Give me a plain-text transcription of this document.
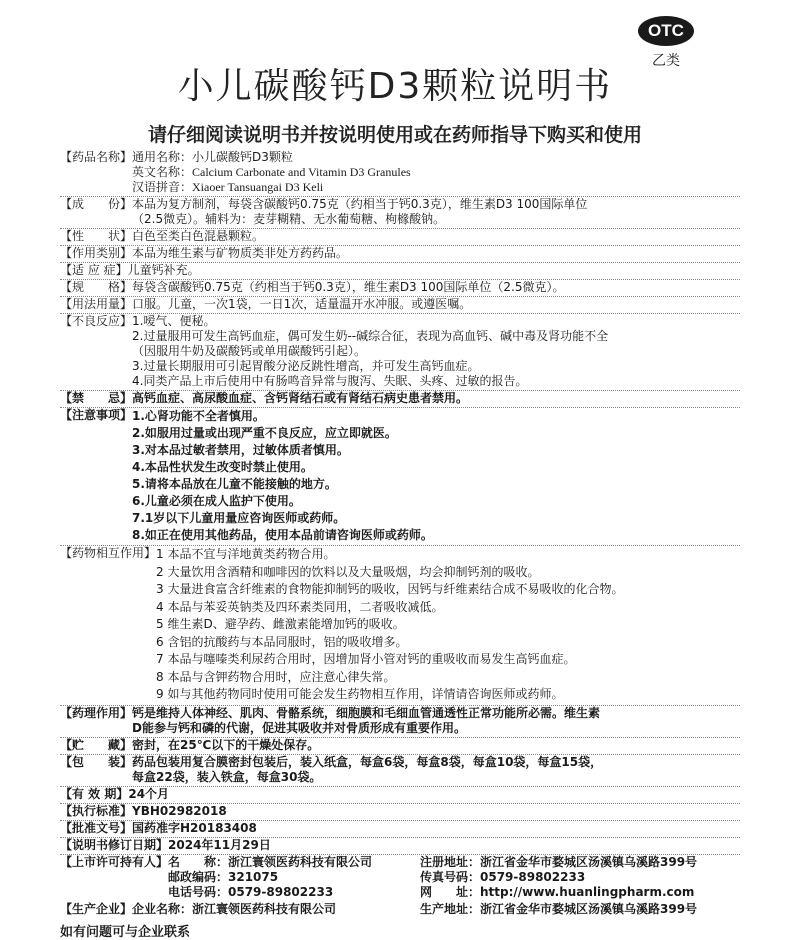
OTC
乙类
小儿碳酸钙D3颗粒说明书
请仔细阅读说明书并按说明使用或在药师指导下购买和使用
【药品名称】 通用名称：小儿碳酸钙D3颗粒
英文名称：Calcium Carbonate and Vitamin D3 Granules
汉语拼音：Xiaoer Tansuangai D3 Keli
【成　　份】 本品为复方制剂，每袋含碳酸钙0.75克（约相当于钙0.3克），维生素D3 100国际单位
（2.5微克）。辅料为：麦芽糊精、无水葡萄糖、枸橼酸钠。
【性　　状】 白色至类白色混悬颗粒。
【作用类别】 本品为维生素与矿物质类非处方药药品。
【适 应 症】 儿童钙补充。
【规　　格】 每袋含碳酸钙0.75克（约相当于钙0.3克），维生素D3 100国际单位（2.5微克）。
【用法用量】 口服。儿童，一次1袋，一日1次，适量温开水冲服。或遵医嘱。
【不良反应】 1.嗳气、便秘。
2.过量服用可发生高钙血症，偶可发生奶--碱综合征，表现为高血钙、碱中毒及肾功能不全
（因服用牛奶及碳酸钙或单用碳酸钙引起）。
3.过量长期服用可引起胃酸分泌反跳性增高，并可发生高钙血症。
4.同类产品上市后使用中有肠鸣音异常与腹泻、失眠、头疼、过敏的报告。
【禁　　忌】 高钙血症、高尿酸血症、含钙肾结石或有肾结石病史患者禁用。
【注意事项】 1.心肾功能不全者慎用。
2.如服用过量或出现严重不良反应，应立即就医。
3.对本品过敏者禁用，过敏体质者慎用。
4.本品性状发生改变时禁止使用。
5.请将本品放在儿童不能接触的地方。
6.儿童必须在成人监护下使用。
7.1岁以下儿童用量应咨询医师或药师。
8.如正在使用其他药品，使用本品前请咨询医师或药师。
【药物相互作用】 1 本品不宜与洋地黄类药物合用。
2 大量饮用含酒精和咖啡因的饮料以及大量吸烟，均会抑制钙剂的吸收。
3 大量进食富含纤维素的食物能抑制钙的吸收，因钙与纤维素结合成不易吸收的化合物。
4 本品与苯妥英钠类及四环素类同用，二者吸收减低。
5 维生素D、避孕药、雌激素能增加钙的吸收。
6 含铝的抗酸药与本品同服时，铝的吸收增多。
7 本品与噻嗪类利尿药合用时，因增加肾小管对钙的重吸收而易发生高钙血症。
8 本品与含钾药物合用时，应注意心律失常。
9 如与其他药物同时使用可能会发生药物相互作用，详情请咨询医师或药师。
【药理作用】 钙是维持人体神经、肌肉、骨骼系统，细胞膜和毛细血管通透性正常功能所必需。维生素
D能参与钙和磷的代谢，促进其吸收并对骨质形成有重要作用。
【贮　　藏】 密封，在25℃以下的干燥处保存。
【包　　装】 药品包装用复合膜密封包装后，装入纸盒，每盒6袋，每盒8袋，每盒10袋，每盒15袋，
每盒22袋，装入铁盒，每盒30袋。
【有 效 期】 24个月
【执行标准】 YBH02982018
【批准文号】 国药准字H20183408
【说明书修订日期】 2024年11月29日
【上市许可持有人】 名　　称：浙江寰领医药科技有限公司
邮政编码：321075
电话号码：0579-89802233
注册地址：浙江省金华市婺城区汤溪镇乌溪路399号
传真号码：0579-89802233
网　　址：http://www.huanlingpharm.com
【生产企业】 企业名称：浙江寰领医药科技有限公司	生产地址：浙江省金华市婺城区汤溪镇乌溪路399号
如有问题可与企业联系
